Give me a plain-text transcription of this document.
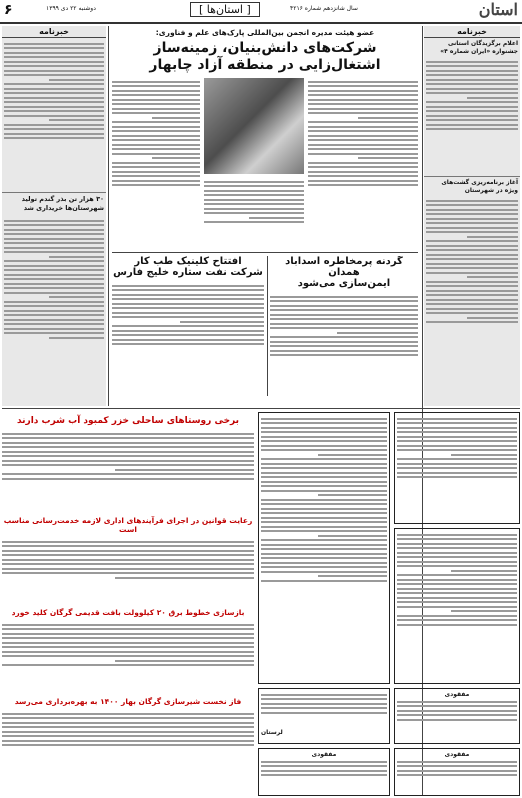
استان
سال شانزدهم شماره ۴۲۱۶
[ استان‌ها ]
دوشنبه ۲۲ دی ۱۳۹۹
۶
خبرنامه
اعلام برگزیدگان استانی جشنواره «ایران شماره ۴»
آغاز برنامه‌ریزی گشت‌های ویژه در شهرستان
عضو هیئت مدیره انجمن بین‌المللی پارک‌های علم و فناوری:
شرکت‌های دانش‌بنیان، زمینه‌ساز اشتغال‌زایی در منطقه آزاد چابهار
گردنه پرمخاطره اسدآباد همدان
ایمن‌سازی می‌شود
افتتاح کلینیک طب کار
شرکت نفت ستاره خلیج فارس
خبرنامه
۳۰ هزار تن بذر گندم تولید شهرستان‌ها خریداری شد
برخی روستاهای ساحلی خزر کمبود آب شرب دارند
رعایت قوانین در اجرای فرآیندهای اداری لازمه خدمت‌رسانی مناسب است
بازسازی خطوط برق ۲۰ کیلوولت بافت قدیمی گرگان کلید خورد
فاز نخست شیرسازی گرگان بهار ۱۴۰۰ به بهره‌برداری می‌رسد
مفقودی
مفقودی
مفقودی
لرستان
